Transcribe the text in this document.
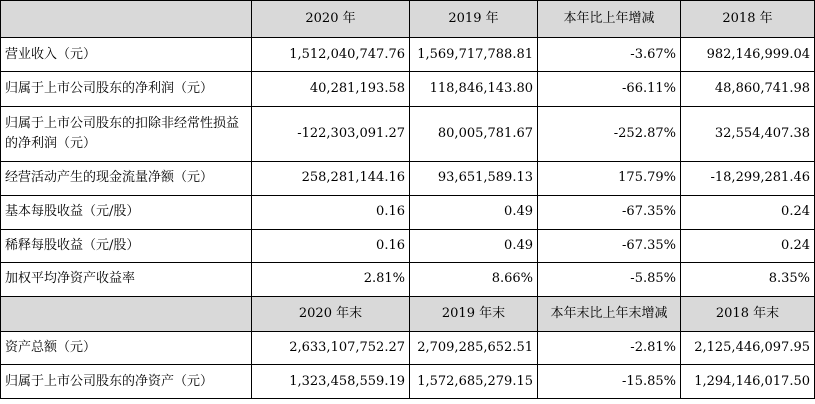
	2020 年	2019 年	本年比上年增减	2018 年
营业收入（元）	1,512,040,747.76	1,569,717,788.81	-3.67%	982,146,999.04
归属于上市公司股东的净利润（元）	40,281,193.58	118,846,143.80	-66.11%	48,860,741.98
归属于上市公司股东的扣除非经常性损益的净利润（元）	-122,303,091.27	80,005,781.67	-252.87%	32,554,407.38
经营活动产生的现金流量净额（元）	258,281,144.16	93,651,589.13	175.79%	-18,299,281.46
基本每股收益（元/股）	0.16	0.49	-67.35%	0.24
稀释每股收益（元/股）	0.16	0.49	-67.35%	0.24
加权平均净资产收益率	2.81%	8.66%	-5.85%	8.35%
	2020 年末	2019 年末	本年末比上年末增减	2018 年末
资产总额（元）	2,633,107,752.27	2,709,285,652.51	-2.81%	2,125,446,097.95
归属于上市公司股东的净资产（元）	1,323,458,559.19	1,572,685,279.15	-15.85%	1,294,146,017.50
